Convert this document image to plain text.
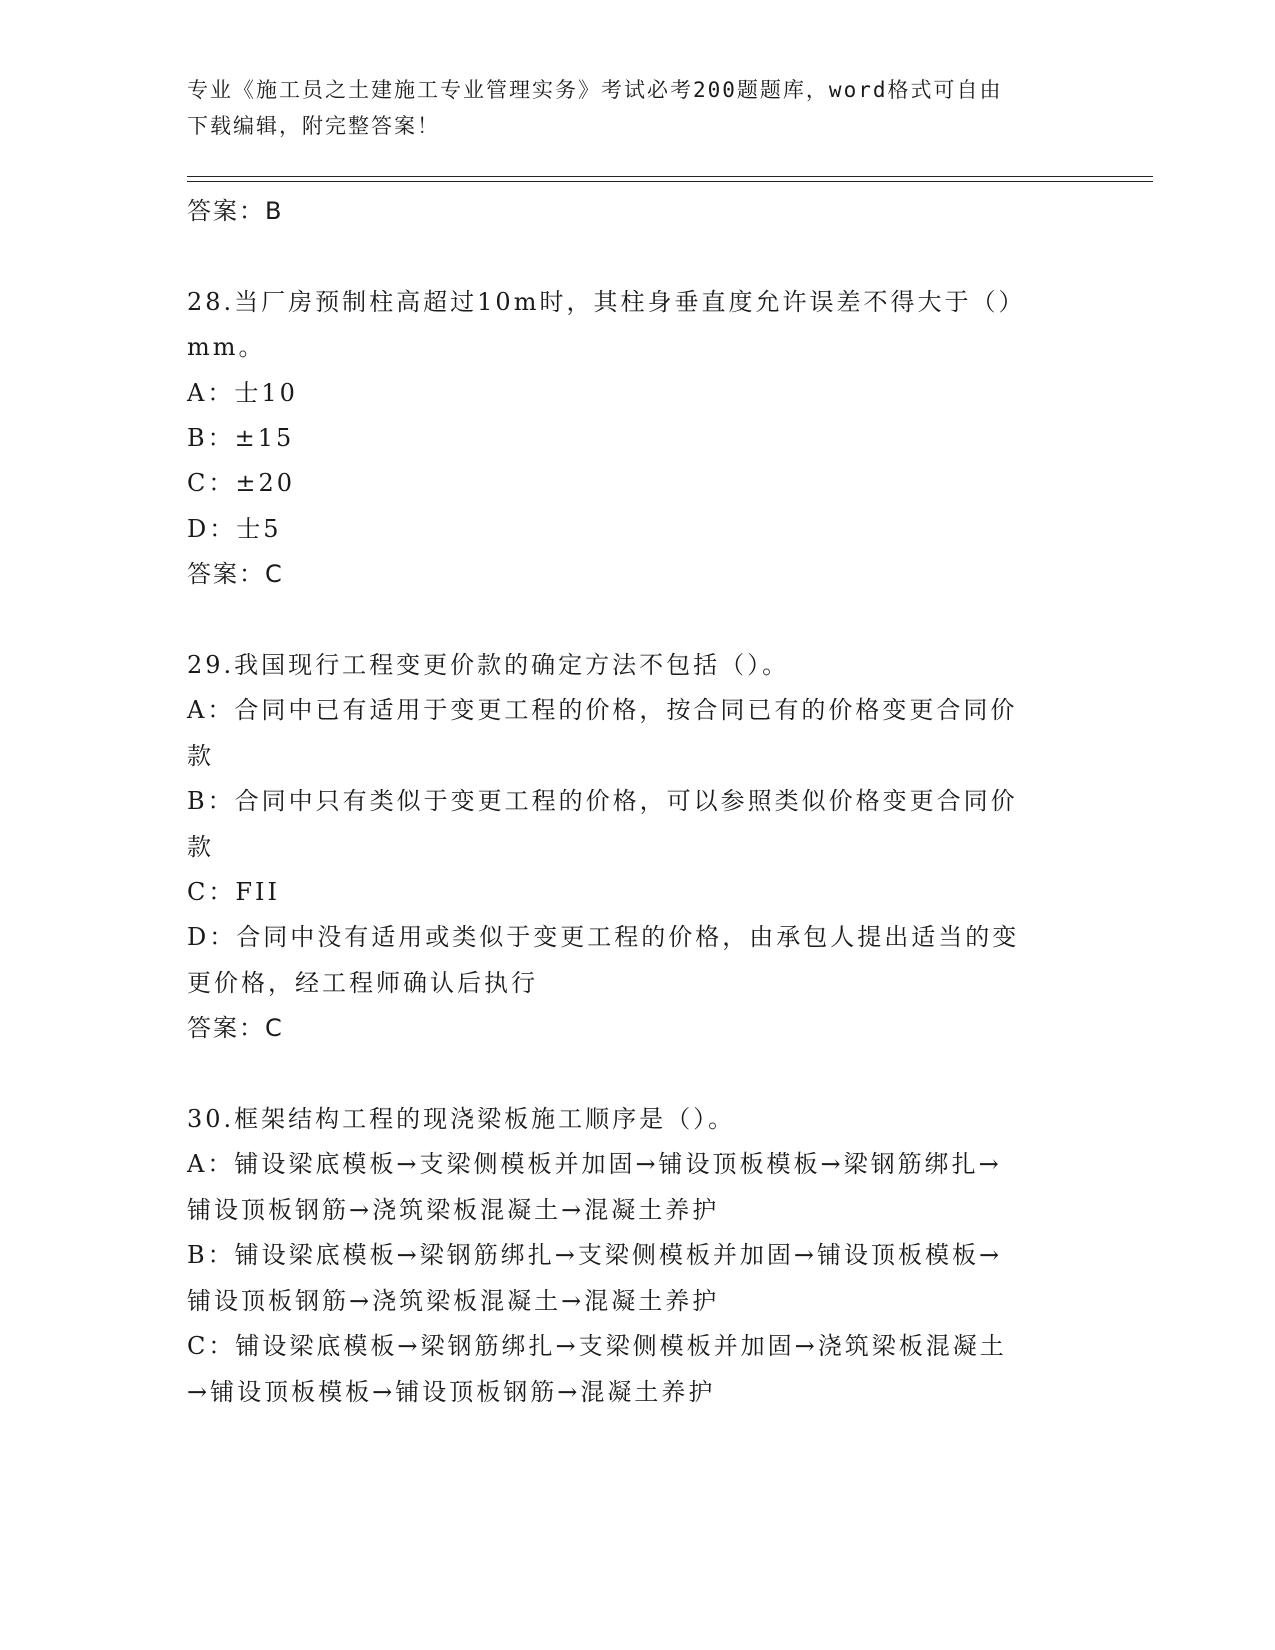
专业《施工员之土建施工专业管理实务》考试必考200题题库，word格式可自由
下载编辑，附完整答案！
答案：B
28.当厂房预制柱高超过10m时，其柱身垂直度允许误差不得大于（）
mm。
A：士10
B：±15
C：±20
D：士5
答案：C
29.我国现行工程变更价款的确定方法不包括（）。
A：合同中已有适用于变更工程的价格，按合同已有的价格变更合同价
款
B：合同中只有类似于变更工程的价格，可以参照类似价格变更合同价
款
C：FII
D：合同中没有适用或类似于变更工程的价格，由承包人提出适当的变
更价格，经工程师确认后执行
答案：C
30.框架结构工程的现浇梁板施工顺序是（）。
A：铺设梁底模板→支梁侧模板并加固→铺设顶板模板→梁钢筋绑扎→
铺设顶板钢筋→浇筑梁板混凝土→混凝土养护
B：铺设梁底模板→梁钢筋绑扎→支梁侧模板并加固→铺设顶板模板→
铺设顶板钢筋→浇筑梁板混凝土→混凝土养护
C：铺设梁底模板→梁钢筋绑扎→支梁侧模板并加固→浇筑梁板混凝土
→铺设顶板模板→铺设顶板钢筋→混凝土养护
